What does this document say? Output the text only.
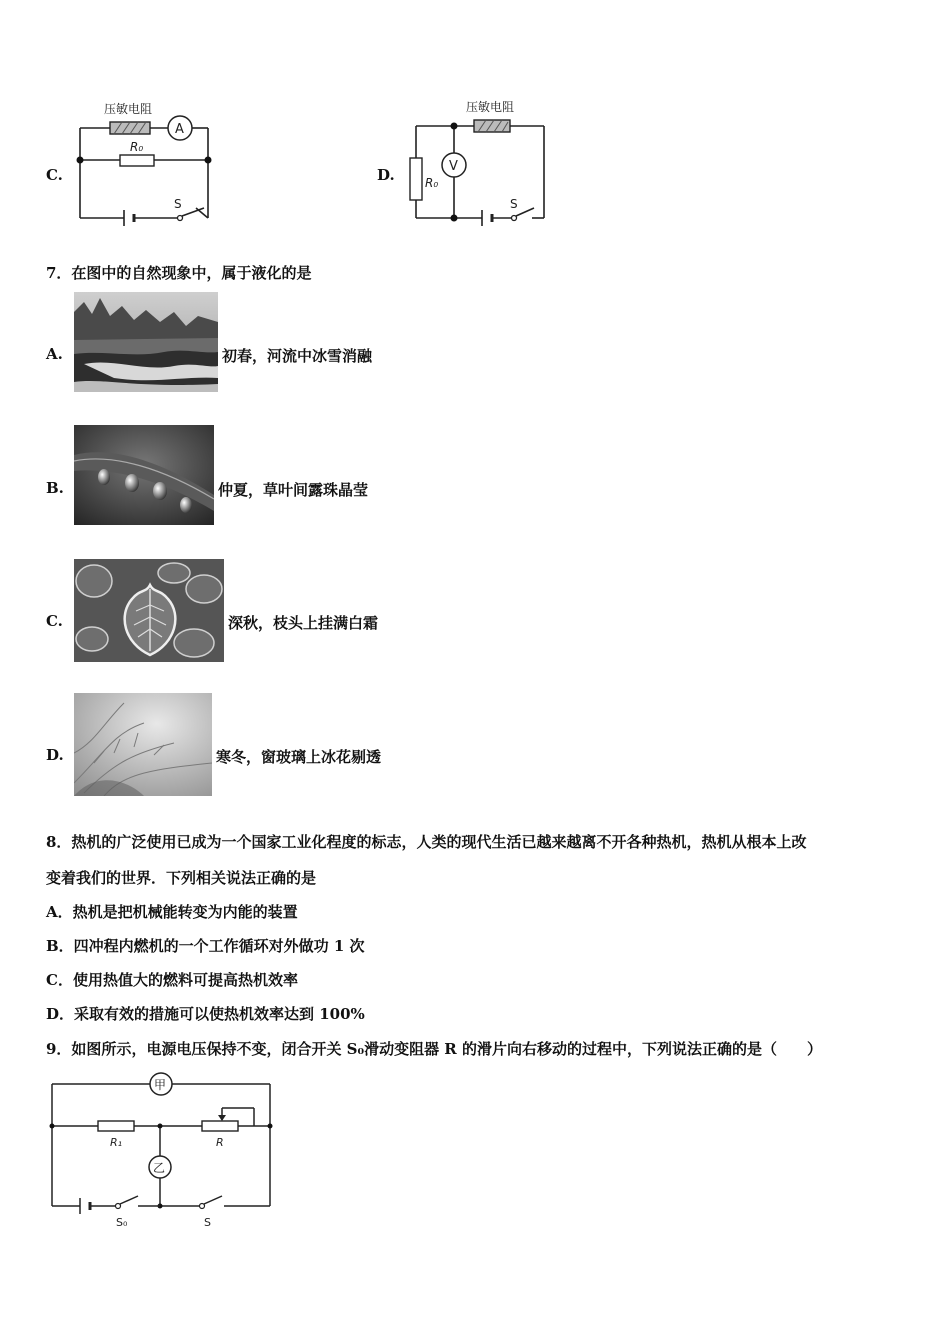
C.
压敏电阻
A
R₀
S
D.
压敏电阻
R₀
V
S
7．在图中的自然现象中，属于液化的是
A.	初春，河流中冰雪消融
B.	仲夏，草叶间露珠晶莹
C.	深秋，枝头上挂满白霜
D.	寒冬，窗玻璃上冰花剔透
8．热机的广泛使用已成为一个国家工业化程度的标志，人类的现代生活已越来越离不开各种热机，热机从根本上改
变着我们的世界．下列相关说法正确的是
A．热机是把机械能转变为内能的装置
B．四冲程内燃机的一个工作循环对外做功 1 次
C．使用热值大的燃料可提高热机效率
D．采取有效的措施可以使热机效率达到 100%
9．如图所示，电源电压保持不变，闭合开关 S₀滑动变阻器 R 的滑片向右移动的过程中，下列说法正确的是（　　）
甲
R₁	R
乙
S₀	S
